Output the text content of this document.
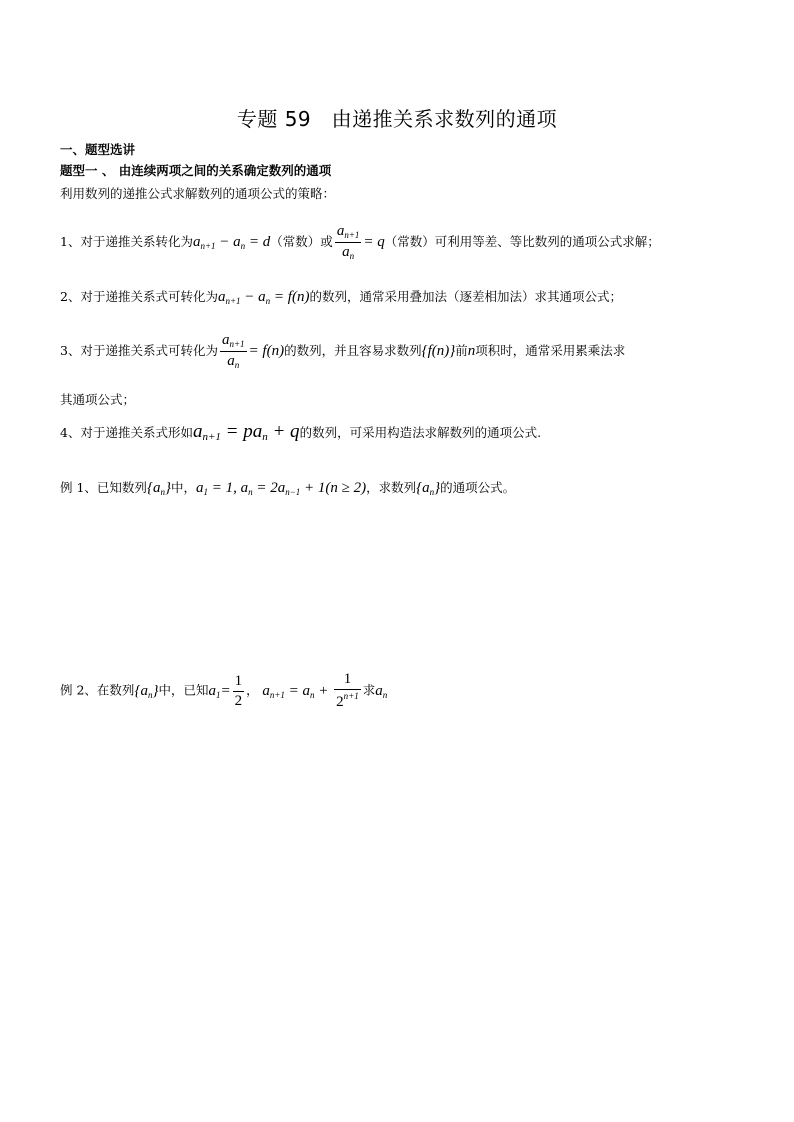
专题 59　由递推关系求数列的通项
一、题型选讲
题型一 、 由连续两项之间的关系确定数列的通项
利用数列的递推公式求解数列的通项公式的策略：
1、对于递推关系转化为$a_{n+1} - a_n = d$（常数）或 $\frac{a_{n+1}}{a_n} = q$（常数）可利用等差、等比数列的通项公式求解；
2、对于递推关系式可转化为$a_{n+1} - a_n = f(n)$的数列，通常采用叠加法（逐差相加法）求其通项公式；
3、对于递推关系式可转化为 $\frac{a_{n+1}}{a_n} = f(n)$的数列，并且容易求数列{f(n)}前n项积时，通常采用累乘法求
其通项公式；
4、对于递推关系式形如$a_{n+1} = pa_n + q$的数列，可采用构造法求解数列的通项公式.
例 1、已知数列$\{a_n\}$中，$a_1 = 1$, $a_n = 2a_{n-1} + 1(n \ge 2)$，求数列$\{a_n\}$的通项公式。
例 2、在数列$\{a_n\}$中，已知$a_1= \frac{1}{2}$ ， $a_{n+1} = a_n + \frac{1}{2^{n+1}}$ 求$a_n$
